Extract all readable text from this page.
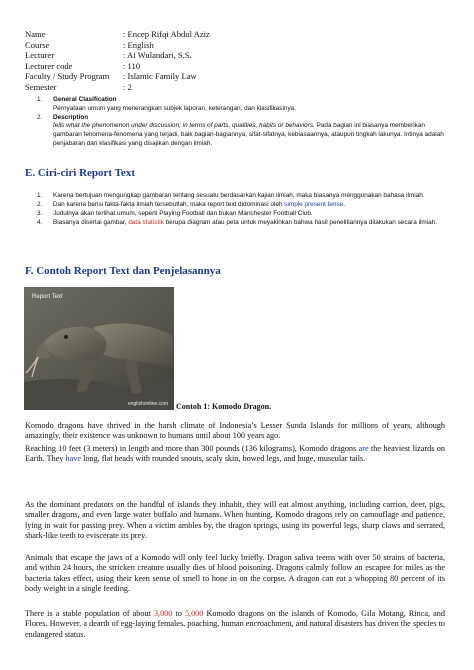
Name	: Encep Rifqi Abdul Aziz
Course	: English
Lecturer	: Ai Wulandari, S.S.
Lecturer code	: 110
Faculty / Study Program	: Islamic Family Law
Semester	: 2
1.	General Clasification
Pernyataan umum yang menerangkan subjek laporan, keterangan, dan klasifikasinya.
2.	Description
tells what the phenomenon under discussion; in terms of parts, qualities, habits or behaviors. Pada bagian ini biasanya memberikan gambaran fenomena-fenomena yang terjadi, baik bagian-bagiannya, sifat-sifatnya, kebiasaannya, ataupun tingkah lakunya. Intinya adalah penjabaran dari klasifikasi yang disajikan dengan ilmiah.
E. Ciri-ciri Report Text
1.	Karena bertujuan mengungkap gambaran tentang sesuatu berdasarkan kajian ilmiah, maka biasanya menggunakan bahasa ilmiah.
2.	Dan karena berisi fakta-fakta ilmiah tersebutlah, maka report text didominasi oleh simple present tense.
3.	Judulnya akan terlihat umum, seperti Playing Football dan bukan Manchester Football Club.
4.	Biasanya disertai gambar, data statistik berupa diagram atau peta untuk meyakinkan bahwa hasil penelitiannya dilakukan secara ilmiah.
F. Contoh Report Text dan Penjelasannya
Report Text
englishonline.com Contoh 1: Komodo Dragon.

Komodo dragons have thrived in the harsh climate of Indonesia’s Lesser Sunda Islands for millions of years, although amazingly, their existence was unknown to humans until about 100 years ago.

Reaching 10 feet (3 meters) in length and more than 300 pounds (136 kilograms), Komodo dragons are the heaviest lizards on Earth. They have long, flat heads with rounded snouts, scaly skin, bowed legs, and huge, muscular tails.

As the dominant predators on the handful of islands they inhabit, they will eat almost anything, including carrion, deer, pigs, smaller dragons, and even large water buffalo and humans. When hunting, Komodo dragons rely on camouflage and patience, lying in wait for passing prey. When a victim ambles by, the dragon springs, using its powerful legs, sharp claws and serrated, shark-like teeth to eviscerate its prey.

Animals that escape the jaws of a Komodo will only feel lucky briefly. Dragon saliva teems with over 50 strains of bacteria, and within 24 hours, the stricken creature usually dies of blood poisoning. Dragons calmly follow an escapee for miles as the bacteria takes effect, using their keen sense of smell to hone in on the corpse. A dragon can eat a whopping 80 percent of its body weight in a single feeding.

There is a stable population of about 3,000 to 5,000 Komodo dragons on the islands of Komodo, Gila Motang, Rinca, and Flores. However, a dearth of egg-laying females, poaching, human encroachment, and natural disasters has driven the species to endangered status.
